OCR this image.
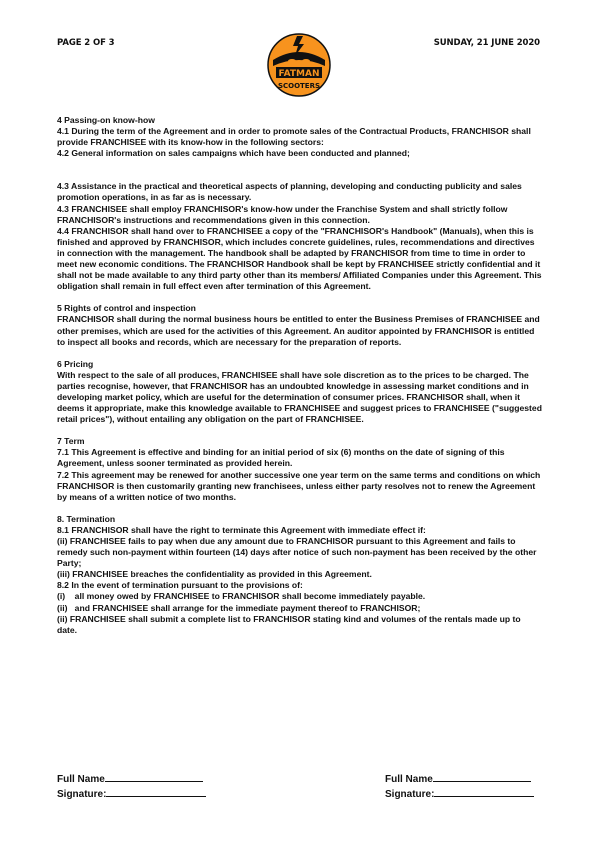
PAGE 2 OF 3	SUNDAY, 21 JUNE 2020
FATMAN
SCOOTERS

4 Passing-on know-how

4.1 During the term of the Agreement and in order to promote sales of the Contractual Products, FRANCHISOR shall provide FRANCHISEE with its know-how in the following sectors:

4.2 General information on sales campaigns which have been conducted and planned;

4.3 Assistance in the practical and theoretical aspects of planning, developing and conducting publicity and sales promotion operations, in as far as is necessary.

4.3 FRANCHISEE shall employ FRANCHISOR's know-how under the Franchise System and shall strictly follow FRANCHISOR's instructions and recommendations given in this connection.

4.4 FRANCHISOR shall hand over to FRANCHISEE a copy of the "FRANCHISOR's Handbook" (Manuals), when this is finished and approved by FRANCHISOR, which includes concrete guidelines, rules, recommendations and directives in connection with the management. The handbook shall be adapted by FRANCHISOR from time to time in order to meet new economic conditions. The FRANCHISOR Handbook shall be kept by FRANCHISEE strictly confidential and it shall not be made available to any third party other than its members/ Affiliated Companies under this Agreement. This obligation shall remain in full effect even after termination of this Agreement.

5 Rights of control and inspection

FRANCHISOR shall during the normal business hours be entitled to enter the Business Premises of FRANCHISEE and other premises, which are used for the activities of this Agreement. An auditor appointed by FRANCHISOR is entitled to inspect all books and records, which are necessary for the preparation of reports.

6 Pricing

With respect to the sale of all produces, FRANCHISEE shall have sole discretion as to the prices to be charged. The parties recognise, however, that FRANCHISOR has an undoubted knowledge in assessing market conditions and in developing market policy, which are useful for the determination of consumer prices. FRANCHISOR shall, when it deems it appropriate, make this knowledge available to FRANCHISEE and suggest prices to FRANCHISEE ("suggested retail prices"), without entailing any obligation on the part of FRANCHISEE.

7 Term

7.1 This Agreement is effective and binding for an initial period of six (6) months on the date of signing of this Agreement, unless sooner terminated as provided herein.

7.2 This agreement may be renewed for another successive one year term on the same terms and conditions on which FRANCHISOR is then customarily granting new franchisees, unless either party resolves not to renew the Agreement by means of a written notice of two months.

8. Termination

8.1 FRANCHISOR shall have the right to terminate this Agreement with immediate effect if:

(ii) FRANCHISEE fails to pay when due any amount due to FRANCHISOR pursuant to this Agreement and fails to remedy such non-payment within fourteen (14) days after notice of such non-payment has been received by the other Party;

(iii) FRANCHISEE breaches the confidentiality as provided in this Agreement.

8.2 In the event of termination pursuant to the provisions of:

(i)    all money owed by FRANCHISEE to FRANCHISOR shall become immediately payable.

(ii)   and FRANCHISEE shall arrange for the immediate payment thereof to FRANCHISOR;

(ii) FRANCHISEE shall submit a complete list to FRANCHISOR stating kind and volumes of the rentals made up to date.

Full Name
Signature:
Full Name
Signature:
